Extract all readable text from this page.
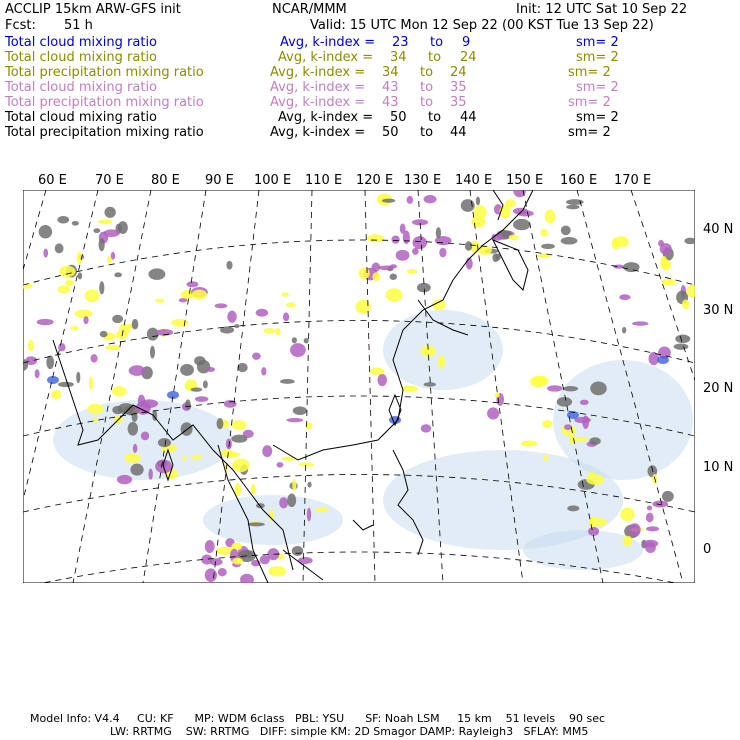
ACCLIP 15km ARW-GFS init	NCAR/MMM	Init: 12 UTC Sat 10 Sep 22
Fcst: 51 h	Valid: 15 UTC Mon 12 Sep 22 (00 KST Tue 13 Sep 22)
Total cloud mixing ratio	Avg, k-index = 23 to 9	sm= 2
Total cloud mixing ratio	Avg, k-index = 34 to 24	sm= 2
Total precipitation mixing ratio	Avg, k-index = 34 to 24	sm= 2
Total cloud mixing ratio	Avg, k-index = 43 to 35	sm= 2
Total precipitation mixing ratio	Avg, k-index = 43 to 35	sm= 2
Total cloud mixing ratio	Avg, k-index = 50 to 44	sm= 2
Total precipitation mixing ratio	Avg, k-index = 50 to 44	sm= 2
60 E 70 E 80 E 90 E 100 E 110 E 120 E 130 E 140 E 150 E 160 E 170 E
40 N
30 N
20 N
10 N
0
Model Info: V4.4     CU: KF      MP: WDM 6class   PBL: YSU      SF: Noah LSM     15 km    51 levels    90 sec
LW: RRTMG    SW: RRTMG   DIFF: simple KM: 2D Smagor DAMP: Rayleigh3   SFLAY: MM5
